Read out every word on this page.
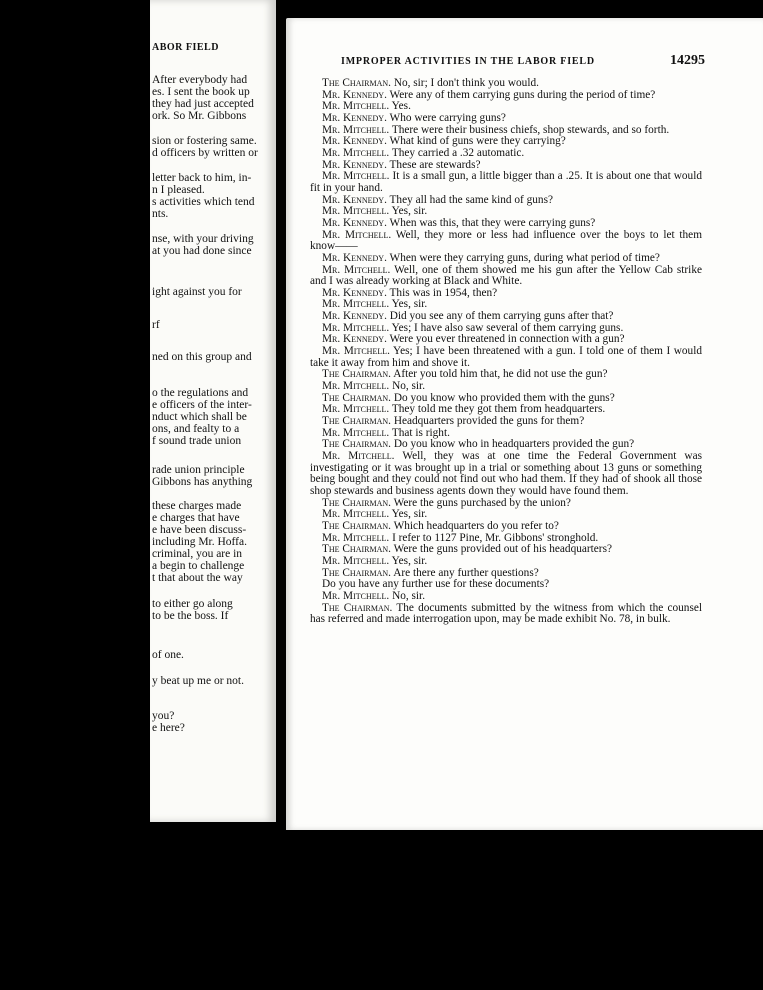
ABOR FIELD
After everybody had
es. I sent the book up
they had just accepted
ork. So Mr. Gibbons
sion or fostering same.
d officers by written or
letter back to him, in-
n I pleased.
s activities which tend
nts.
nse, with your driving
at you had done since
ight against you for
rf
ned on this group and
o the regulations and
e officers of the inter-
nduct which shall be
ons, and fealty to a
f sound trade union
rade union principle
Gibbons has anything
these charges made
e charges that have
e have been discuss-
including Mr. Hoffa.
criminal, you are in
a begin to challenge
t that about the way
to either go along
to be the boss. If
of one.
y beat up me or not.
you?
e here?
IMPROPER ACTIVITIES IN THE LABOR FIELD	14295

The Chairman. No, sir; I don't think you would.

Mr. Kennedy. Were any of them carrying guns during the period of time?

Mr. Mitchell. Yes.

Mr. Kennedy. Who were carrying guns?

Mr. Mitchell. There were their business chiefs, shop stewards, and so forth.

Mr. Kennedy. What kind of guns were they carrying?

Mr. Mitchell. They carried a .32 automatic.

Mr. Kennedy. These are stewards?

Mr. Mitchell. It is a small gun, a little bigger than a .25. It is about one that would fit in your hand.

Mr. Kennedy. They all had the same kind of guns?

Mr. Mitchell. Yes, sir.

Mr. Kennedy. When was this, that they were carrying guns?

Mr. Mitchell. Well, they more or less had influence over the boys to let them know——

Mr. Kennedy. When were they carrying guns, during what period of time?

Mr. Mitchell. Well, one of them showed me his gun after the Yellow Cab strike and I was already working at Black and White.

Mr. Kennedy. This was in 1954, then?

Mr. Mitchell. Yes, sir.

Mr. Kennedy. Did you see any of them carrying guns after that?

Mr. Mitchell. Yes; I have also saw several of them carrying guns.

Mr. Kennedy. Were you ever threatened in connection with a gun?

Mr. Mitchell. Yes; I have been threatened with a gun. I told one of them I would take it away from him and shove it.

The Chairman. After you told him that, he did not use the gun?

Mr. Mitchell. No, sir.

The Chairman. Do you know who provided them with the guns?

Mr. Mitchell. They told me they got them from headquarters.

The Chairman. Headquarters provided the guns for them?

Mr. Mitchell. That is right.

The Chairman. Do you know who in headquarters provided the gun?

Mr. Mitchell. Well, they was at one time the Federal Government was investigating or it was brought up in a trial or something about 13 guns or something being bought and they could not find out who had them. If they had of shook all those shop stewards and business agents down they would have found them.

The Chairman. Were the guns purchased by the union?

Mr. Mitchell. Yes, sir.

The Chairman. Which headquarters do you refer to?

Mr. Mitchell. I refer to 1127 Pine, Mr. Gibbons' stronghold.

The Chairman. Were the guns provided out of his headquarters?

Mr. Mitchell. Yes, sir.

The Chairman. Are there any further questions?

Do you have any further use for these documents?

Mr. Mitchell. No, sir.

The Chairman. The documents submitted by the witness from which the counsel has referred and made interrogation upon, may be made exhibit No. 78, in bulk.
